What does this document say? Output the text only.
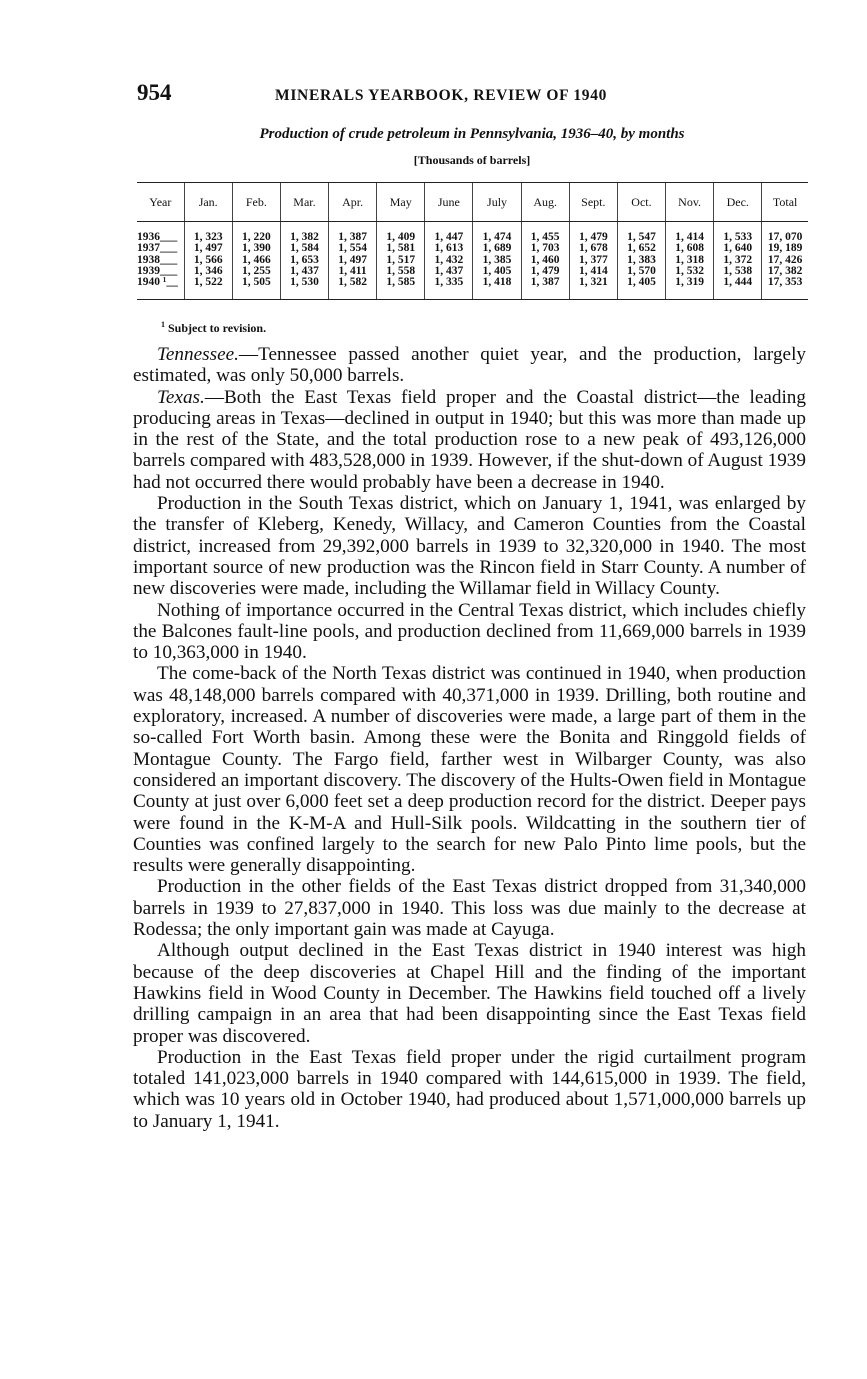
954	MINERALS YEARBOOK, REVIEW OF 1940
Production of crude petroleum in Pennsylvania, 1936–40, by months
[Thousands of barrels]
Year	Jan.	Feb.	Mar.	Apr.	May	June	July	Aug.	Sept.	Oct.	Nov.	Dec.	Total
1936___	1, 323	1, 220	1, 382	1, 387	1, 409	1, 447	1, 474	1, 455	1, 479	1, 547	1, 414	1, 533	17, 070
1937___	1, 497	1, 390	1, 584	1, 554	1, 581	1, 613	1, 689	1, 703	1, 678	1, 652	1, 608	1, 640	19, 189
1938___	1, 566	1, 466	1, 653	1, 497	1, 517	1, 432	1, 385	1, 460	1, 377	1, 383	1, 318	1, 372	17, 426
1939___	1, 346	1, 255	1, 437	1, 411	1, 558	1, 437	1, 405	1, 479	1, 414	1, 570	1, 532	1, 538	17, 382
1940 ¹__	1, 522	1, 505	1, 530	1, 582	1, 585	1, 335	1, 418	1, 387	1, 321	1, 405	1, 319	1, 444	17, 353
$^1$ Subject to revision.

Tennessee.—Tennessee passed another quiet year, and the production, largely estimated, was only 50,000 barrels.

Texas.—Both the East Texas field proper and the Coastal district—the leading producing areas in Texas—declined in output in 1940; but this was more than made up in the rest of the State, and the total production rose to a new peak of 493,126,000 barrels compared with 483,528,000 in 1939. However, if the shut-down of August 1939 had not occurred there would probably have been a decrease in 1940.

Production in the South Texas district, which on January 1, 1941, was enlarged by the transfer of Kleberg, Kenedy, Willacy, and Cameron Counties from the Coastal district, increased from 29,392,000 barrels in 1939 to 32,320,000 in 1940. The most important source of new production was the Rincon field in Starr County. A number of new discoveries were made, including the Willamar field in Willacy County.

Nothing of importance occurred in the Central Texas district, which includes chiefly the Balcones fault-line pools, and production declined from 11,669,000 barrels in 1939 to 10,363,000 in 1940.

The come-back of the North Texas district was continued in 1940, when production was 48,148,000 barrels compared with 40,371,000 in 1939. Drilling, both routine and exploratory, increased. A number of discoveries were made, a large part of them in the so-called Fort Worth basin. Among these were the Bonita and Ringgold fields of Montague County. The Fargo field, farther west in Wilbarger County, was also considered an important discovery. The discovery of the Hults-Owen field in Montague County at just over 6,000 feet set a deep production record for the district. Deeper pays were found in the K-M-A and Hull-Silk pools. Wildcatting in the southern tier of Counties was confined largely to the search for new Palo Pinto lime pools, but the results were generally disappointing.

Production in the other fields of the East Texas district dropped from 31,340,000 barrels in 1939 to 27,837,000 in 1940. This loss was due mainly to the decrease at Rodessa; the only important gain was made at Cayuga.

Although output declined in the East Texas district in 1940 interest was high because of the deep discoveries at Chapel Hill and the finding of the important Hawkins field in Wood County in December. The Hawkins field touched off a lively drilling campaign in an area that had been disappointing since the East Texas field proper was discovered.

Production in the East Texas field proper under the rigid curtailment program totaled 141,023,000 barrels in 1940 compared with 144,615,000 in 1939. The field, which was 10 years old in October 1940, had produced about 1,571,000,000 barrels up to January 1, 1941.
